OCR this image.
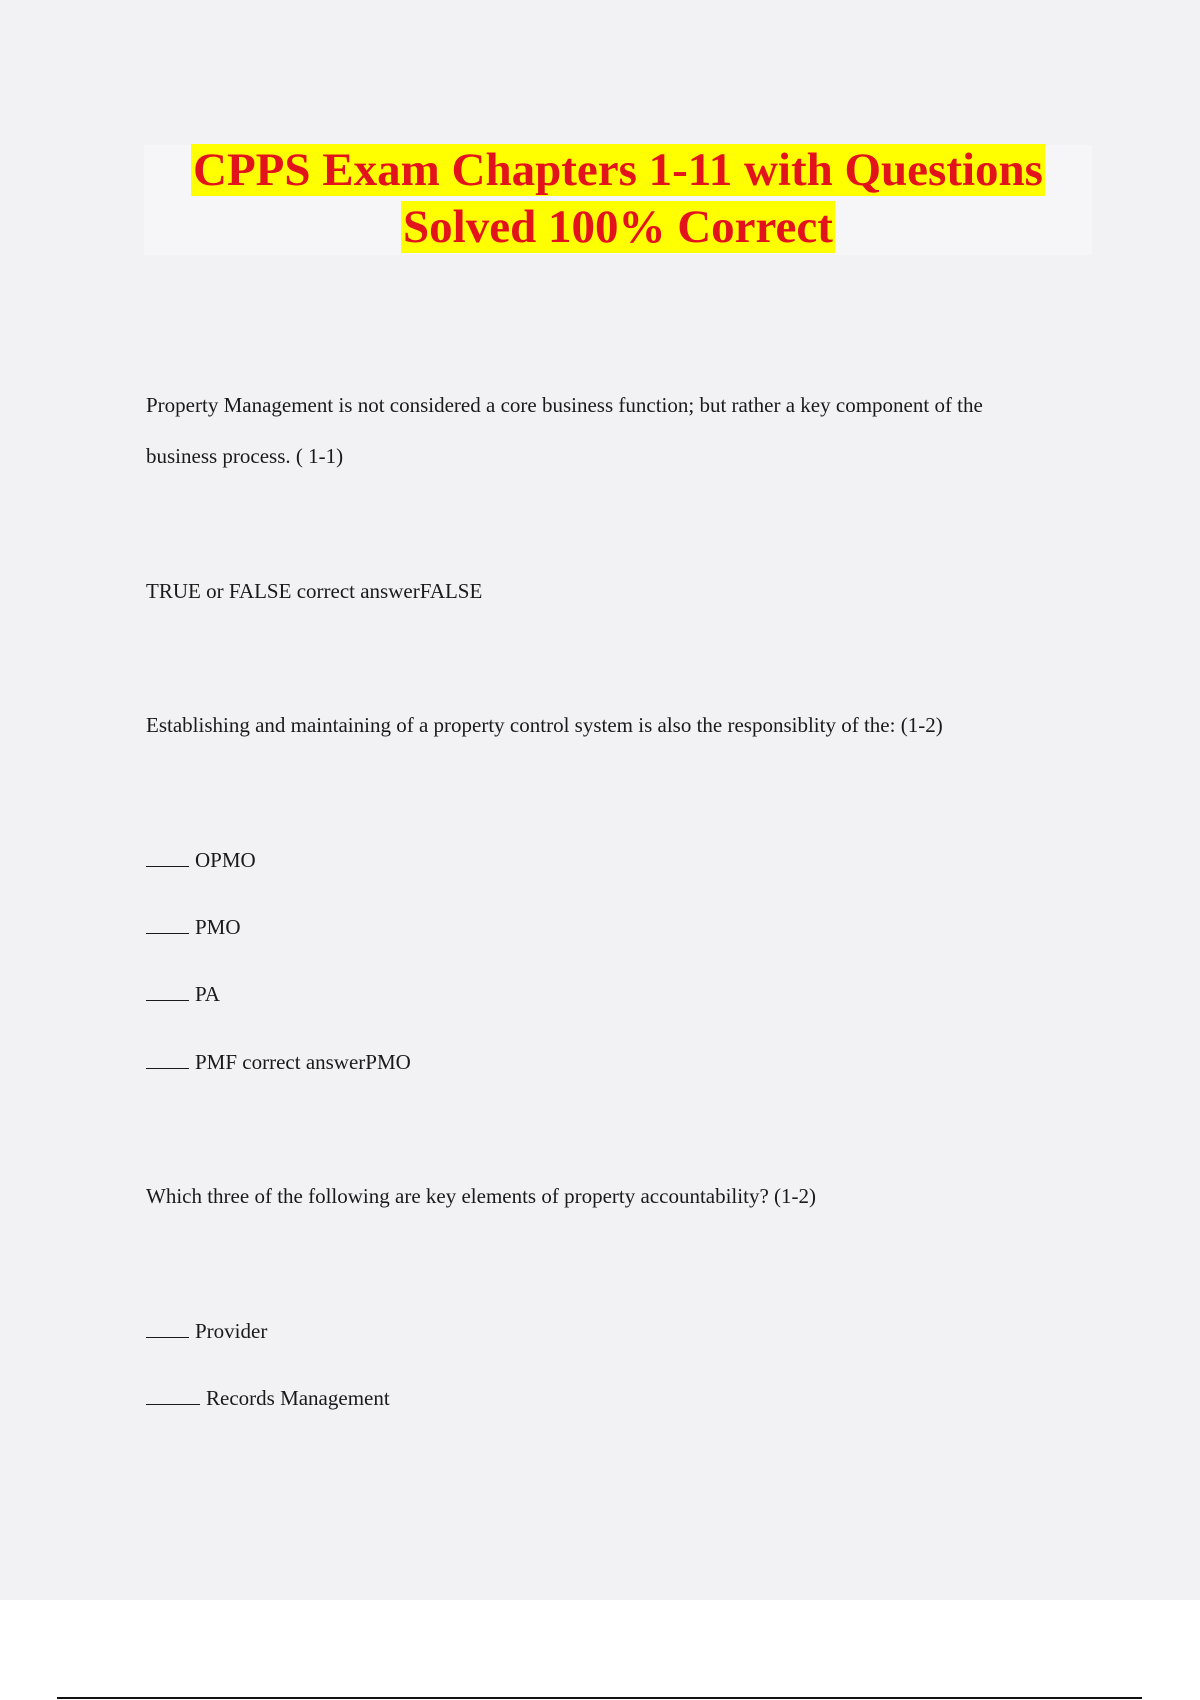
CPPS Exam Chapters 1-11 with Questions
Solved 100% Correct
Property Management is not considered a core business function; but rather a key component of the
business process. ( 1-1)
TRUE or FALSE correct answerFALSE
Establishing and maintaining of a property control system is also the responsiblity of the: (1-2)
OPMO
PMO
PA
PMF correct answerPMO
Which three of the following are key elements of property accountability? (1-2)
Provider
Records Management
